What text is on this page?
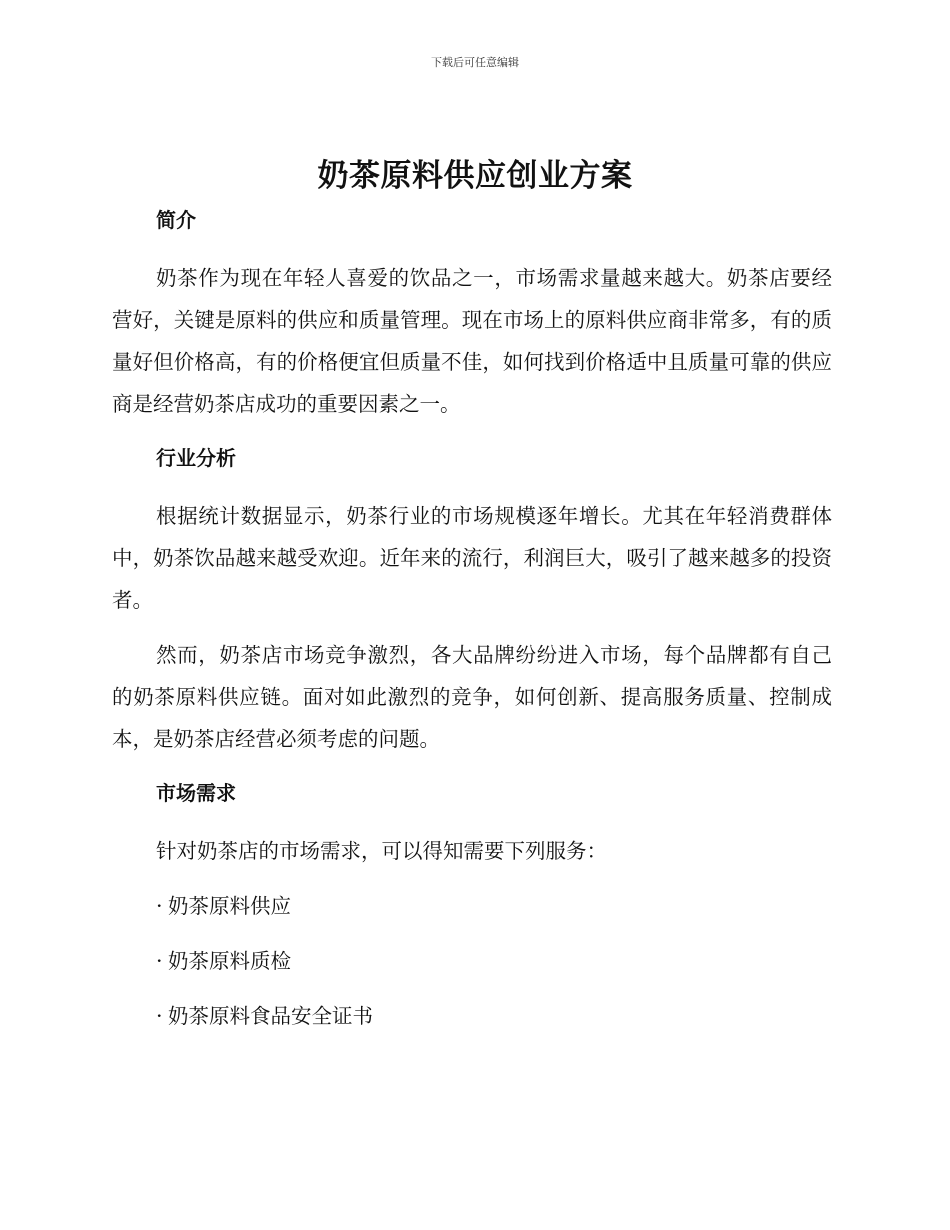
下载后可任意编辑
奶茶原料供应创业方案
简介

奶茶作为现在年轻人喜爱的饮品之一，市场需求量越来越大。奶茶店要经营好，关键是原料的供应和质量管理。现在市场上的原料供应商非常多，有的质量好但价格高，有的价格便宜但质量不佳，如何找到价格适中且质量可靠的供应商是经营奶茶店成功的重要因素之一。

行业分析

根据统计数据显示，奶茶行业的市场规模逐年增长。尤其在年轻消费群体中，奶茶饮品越来越受欢迎。近年来的流行，利润巨大，吸引了越来越多的投资者。

然而，奶茶店市场竞争激烈，各大品牌纷纷进入市场，每个品牌都有自己的奶茶原料供应链。面对如此激烈的竞争，如何创新、提高服务质量、控制成本，是奶茶店经营必须考虑的问题。

市场需求

针对奶茶店的市场需求，可以得知需要下列服务：

· 奶茶原料供应
· 奶茶原料质检
· 奶茶原料食品安全证书
